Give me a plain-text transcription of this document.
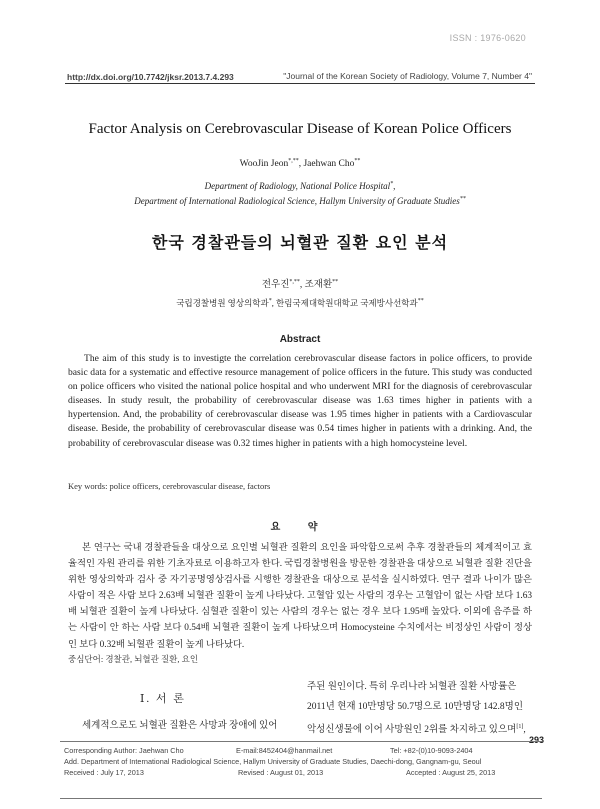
ISSN : 1976-0620
http://dx.doi.org/10.7742/jksr.2013.7.4.293	"Journal of the Korean Society of Radiology, Volume 7, Number 4"
Factor Analysis on Cerebrovascular Disease of Korean Police Officers
WooJin Jeon*,**, Jaehwan Cho**
Department of Radiology, National Police Hospital*,
Department of International Radiological Science, Hallym University of Graduate Studies**
한국 경찰관들의 뇌혈관 질환 요인 분석
전우진*,**, 조재환**
국립경찰병원 영상의학과*, 한림국제대학원대학교 국제방사선학과**
Abstract
The aim of this study is to investigte the correlation cerebrovascular disease factors in police officers, to provide basic data for a systematic and effective resource management of police officers in the future. This study was conducted on police officers who visited the national police hospital and who underwent MRI for the diagnosis of cerebrovascular diseases. In study result, the probability of cerebrovascular disease was 1.63 times higher in patients with a hypertension. And, the probability of cerebrovascular disease was 1.95 times higher in patients with a Cardiovascular disease. Beside, the probability of cerebrovascular disease was 0.54 times higher in patients with a drinking. And, the probability of cerebrovascular disease was 0.32 times higher in patients with a high homocysteine level.
Key words: police officers, cerebrovascular disease, factors
요 약
본 연구는 국내 경찰관들을 대상으로 요인별 뇌혈관 질환의 요인을 파악함으로써 추후 경찰관들의 체계적이고 효율적인 자원 관리를 위한 기초자료로 이용하고자 한다. 국립경찰병원을 방문한 경찰관을 대상으로 뇌혈관 질환 진단을 위한 영상의학과 검사 중 자기공명영상검사를 시행한 경찰관을 대상으로 분석을 실시하였다. 연구 결과 나이가 많은 사람이 적은 사람 보다 2.63배 뇌혈관 질환이 높게 나타났다. 고혈압 있는 사람의 경우는 고혈압이 없는 사람 보다 1.63배 뇌혈관 질환이 높게 나타났다. 심혈관 질환이 있는 사람의 경우는 없는 경우 보다 1.95배 높았다. 이외에 음주를 하는 사람이 안 하는 사람 보다 0.54배 뇌혈관 질환이 높게 나타났으며 Homocysteine 수치에서는 비정상인 사람이 정상인 보다 0.32배 뇌혈관 질환이 높게 나타났다.
중심단어: 경찰관, 뇌혈관 질환, 요인
Ⅰ. 서 론
세계적으로도 뇌혈관 질환은 사망과 장애에 있어
주된 원인이다. 특히 우리나라 뇌혈관 질환 사망률은
2011년 현재 10만명당 50.7명으로 10만명당 142.8명인
악성신생물에 이어 사망원인 2위를 차지하고 있으며[1],
293
Corresponding Author: Jaehwan Cho	E-mail:8452404@hanmail.net	Tel: +82-(0)10-9093-2404
Add. Department of International Radiological Science, Hallym University of Graduate Studies, Daechi-dong, Gangnam-gu, Seoul
Received : July 17, 2013	Revised : August 01, 2013	Accepted : August 25, 2013
